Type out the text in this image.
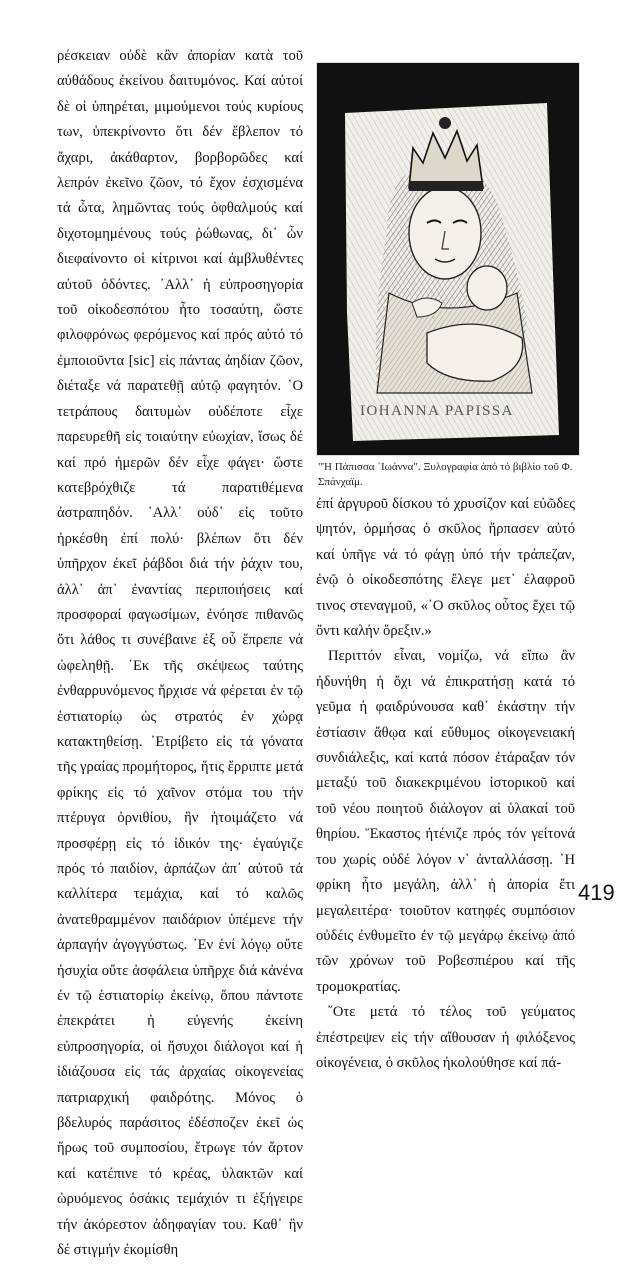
ρέσκειαν οὐδὲ κἂν ἀπορίαν κατὰ τοῦ αὐθάδους ἐκείνου δαιτυμόνος. Καί αὐτοί δὲ οἱ ὑπηρέται, μιμούμενοι τούς κυρίους των, ὑπεκρίνοντο ὅτι δέν ἔβλεπον τό ἄχαρι, ἀκάθαρτον, βορβορῶδες καί λεπρόν ἐκεῖνο ζῶον, τό ἔχον ἐσχισμένα τά ὦτα, λημῶντας τούς ὀφθαλμούς καί διχοτομημένους τούς ῥώθωνας, δι᾽ ὧν διεφαίνοντο οἱ κίτρινοι καί ἀμβλυθέντες αὐτοῦ ὀδόντες. ᾽Αλλ᾽ ἡ εὐπροσηγορία τοῦ οἰκοδεσπότου ἦτο τοσαύτη, ὥστε φιλοφρόνως φερόμενος καί πρός αὐτό τό ἐμποιοῦντα [sic] εἰς πάντας ἀηδίαν ζῶον, διέταξε νά παρατεθῇ αὐτῷ φαγητόν. ῾Ο τετράπους δαιτυμὼν οὐδέποτε εἶχε παρευρεθῆ εἰς τοιαύτην εὐωχίαν, ἴσως δέ καί πρό ἡμερῶν δέν εἶχε φάγει· ὥστε κατεβρόχθιζε τά παρατιθέμενα ἀστραπηδόν. ᾽Αλλ᾽ οὐδ᾽ εἰς τοῦτο ἠρκέσθη ἐπί πολύ· βλέπων ὅτι δέν ὑπῆρχον ἐκεῖ ῥάβδοι διά τήν ῥάχιν του, ἀλλ᾽ ἀπ᾽ ἐναντίας περιποιήσεις καί προσφοραί φαγωσίμων, ἐνόησε πιθανῶς ὅτι λάθος τι συνέβαινε ἐξ οὗ ἔπρεπε νά ὠφεληθῇ. ᾽Εκ τῆς σκέψεως ταύτης ἐνθαρρυνόμενος ἤρχισε νά φέρεται ἐν τῷ ἑστιατορίῳ ὡς στρατός ἐν χώρᾳ κατακτηθείσῃ. ᾽Ετρίβετο εἰς τά γόνατα τῆς γραίας προμήτορος, ἥτις ἔρριπτε μετά φρίκης εἰς τό χαῖνον στόμα του τήν πτέρυγα ὀρνιθίου, ἣν ἡτοιμάζετο νά προσφέρῃ εἰς τό ἰδικόν της· ἐγαύγιζε πρός τό παιδίον, ἁρπάζων ἀπ᾽ αὐτοῦ τά καλλίτερα τεμάχια, καί τό καλῶς ἀνατεθραμμένον παιδάριον ὑπέμενε τήν ἁρπαγήν ἀγογγύστως. ᾽Εν ἑνί λόγῳ οὔτε ἡσυχία οὔτε ἀσφάλεια ὑπῆρχε διά κἀνένα ἐν τῷ ἑστιατορίῳ ἐκείνῳ, ὅπου πάντοτε ἐπεκράτει ἡ εὐγενής ἐκείνη εὐπροσηγορία, οἱ ἥσυχοι διάλογοι καί ἡ ἰδιάζουσα εἰς τάς ἀρχαίας οἰκογενείας πατριαρχική φαιδρότης. Μόνος ὁ βδελυρός παράσιτος ἐδέσποζεν ἐκεῖ ὡς ἥρως τοῦ συμποσίου, ἔτρωγε τόν ἄρτον καί κατέπινε τό κρέας, ὑλακτῶν καί ὠρυόμενος ὁσάκις τεμάχιόν τι ἐξήγειρε τήν ἀκόρεστον ἀδηφαγίαν του. Καθ᾽ ἣν δέ στιγμήν ἐκομίσθη

IOHANNA PAPISSA
"Ἡ Πάπισσα ᾽Ιωάννα". Ξυλογραφία ἀπό τό βιβλίο τοῦ Φ. Σπάνχαϊμ.

ἐπί ἀργυροῦ δίσκου τό χρυσίζον καί εὐῶδες ψητόν, ὁρμήσας ὁ σκῦλος ἥρπασεν αὐτό καί ὑπῆγε νά τό φάγῃ ὑπό τήν τράπεζαν, ἐνῷ ὁ οἰκοδεσπότης ἔλεγε μετ᾽ ἐλαφροῦ τινος στεναγμοῦ, «῾Ο σκῦλος οὗτος ἔχει τῷ ὄντι καλήν ὄρεξιν.»

Περιττόν εἶναι, νομίζω, νά εἴπω ἂν ἠδυνήθη ἡ ὄχι νά ἐπικρατήσῃ κατά τό γεῦμα ἡ φαιδρύνουσα καθ᾽ ἑκάστην τήν ἑστίασιν ἄθῳα καί εὔθυμος οἰκογενειακή συνδιάλεξις, καί κατά πόσον ἐτάραξαν τόν μεταξύ τοῦ διακεκριμένου ἱστορικοῦ καί τοῦ νέου ποιητοῦ διάλογον αἱ ὑλακαί τοῦ θηρίου. Ἕκαστος ἠτένιζε πρός τόν γείτονά του χωρίς οὐδέ λόγον ν᾽ ἀνταλλάσσῃ. ῾Η φρίκη ἦτο μεγάλη, ἀλλ᾽ ἡ ἀπορία ἔτι μεγαλειτέρα· τοιοῦτον κατηφές συμπόσιον οὐδέις ἐνθυμεῖτο ἐν τῷ μεγάρῳ ἐκείνῳ ἀπό τῶν χρόνων τοῦ Ροβεσπιέρου καί τῆς τρομοκρατίας.

῞Οτε μετά τό τέλος τοῦ γεύματος ἐπέστρεψεν εἰς τήν αἴθουσαν ἡ φιλόξενος οἰκογένεια, ὁ σκῦλος ἠκολούθησε καί πά-

419
